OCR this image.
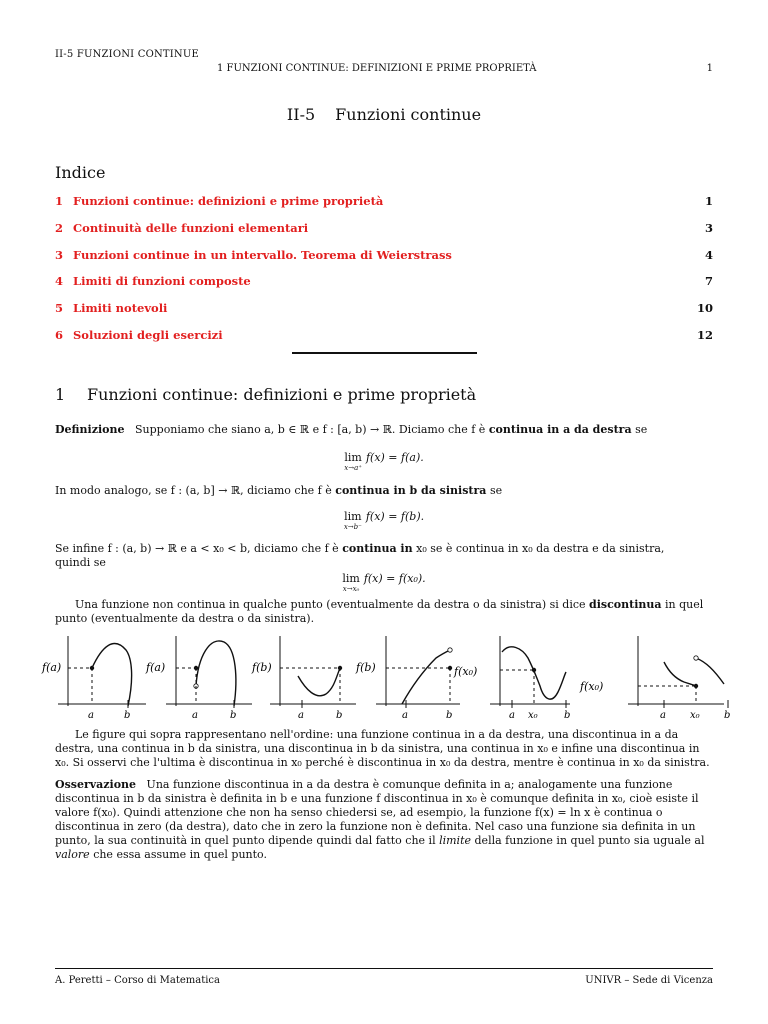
II-5 FUNZIONI CONTINUE
1 FUNZIONI CONTINUE: DEFINIZIONI E PRIME PROPRIETÀ	1
II-5 Funzioni continue
Indice
1 Funzioni continue: definizioni e prime proprietà	1
2 Continuità delle funzioni elementari	3
3 Funzioni continue in un intervallo. Teorema di Weierstrass	4
4 Limiti di funzioni composte	7
5 Limiti notevoli	10
6 Soluzioni degli esercizi	12
1 Funzioni continue: definizioni e prime proprietà
Definizione Supponiamo che siano a, b ∈ ℝ e f : [a, b) → ℝ. Diciamo che f è continua in a da destra se
lim
x→a⁺
f(x) = f(a).
In modo analogo, se f : (a, b] → ℝ, diciamo che f è continua in b da sinistra se
lim
x→b⁻
f(x) = f(b).
Se infine f : (a, b) → ℝ e a < x₀ < b, diciamo che f è continua in x₀ se è continua in x₀ da destra e da sinistra,
quindi se
lim
x→x₀
f(x) = f(x₀).
Una funzione non continua in qualche punto (eventualmente da destra o da sinistra) si dice discontinua in quel punto (eventualmente da destra o da sinistra).
f(a)
a	b
f(a)
a	b
f(b)
a	b
f(b)
a	b
f(x₀)
a x₀	b
f(x₀)
a x₀ b
Le figure qui sopra rappresentano nell'ordine: una funzione continua in a da destra, una discontinua in a da destra, una continua in b da sinistra, una discontinua in b da sinistra, una continua in x₀ e infine una discontinua in x₀. Si osservi che l'ultima è discontinua in x₀ perché è discontinua in x₀ da destra, mentre è continua in x₀ da sinistra.
Osservazione Una funzione discontinua in a da destra è comunque definita in a; analogamente una funzione discontinua in b da sinistra è definita in b e una funzione f discontinua in x₀ è comunque definita in x₀, cioè esiste il valore f(x₀). Quindi attenzione che non ha senso chiedersi se, ad esempio, la funzione f(x) = ln x è continua o discontinua in zero (da destra), dato che in zero la funzione non è definita. Nel caso una funzione sia definita in un punto, la sua continuità in quel punto dipende quindi dal fatto che il limite della funzione in quel punto sia uguale al valore che essa assume in quel punto.
A. Peretti – Corso di Matematica	UNIVR – Sede di Vicenza
